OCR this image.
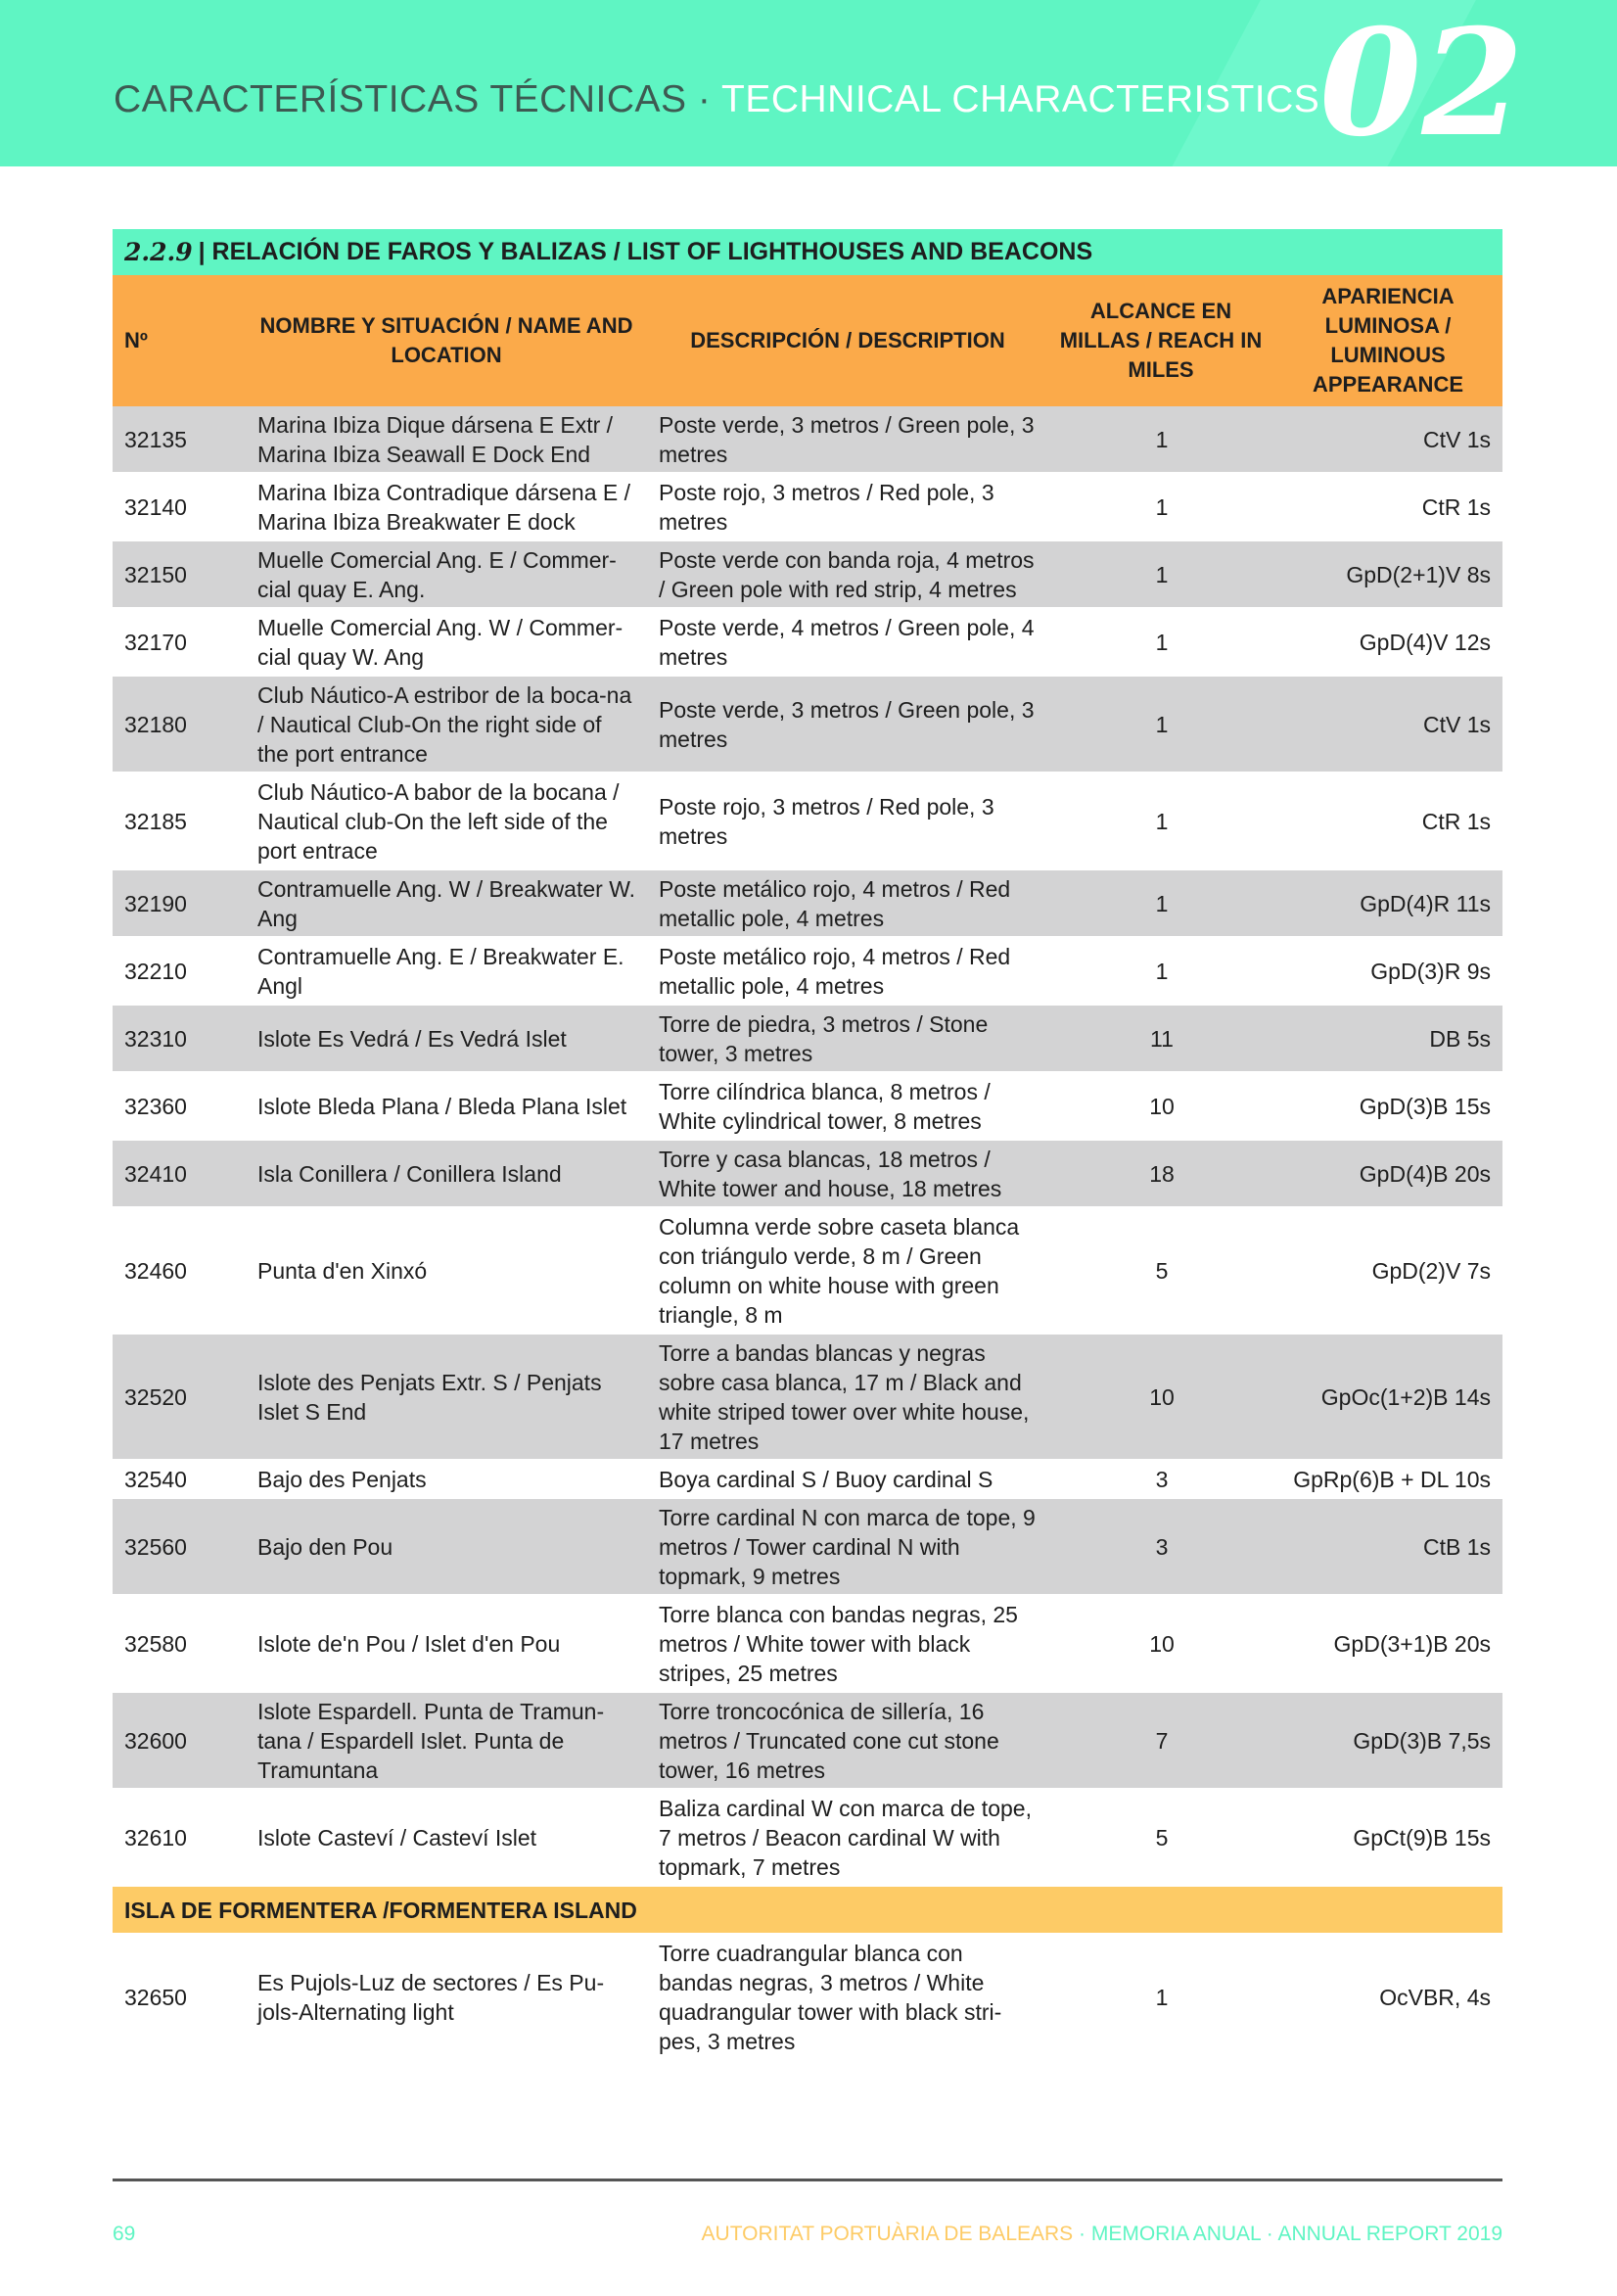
CARACTERÍSTICAS TÉCNICAS · TECHNICAL CHARACTERISTICS 02
2.2.9 | RELACIÓN DE FAROS Y BALIZAS / LIST OF LIGHTHOUSES AND BEACONS
Nº	NOMBRE Y SITUACIÓN / NAME AND LOCATION	DESCRIPCIÓN / DESCRIPTION	ALCANCE EN MILLAS / REACH IN MILES	APARIENCIA LUMINOSA / LUMINOUS APPEARANCE
32135	Marina Ibiza Dique dársena E Extr / Marina Ibiza Seawall E Dock End	Poste verde, 3 metros / Green pole, 3 metres	1	CtV 1s
32140	Marina Ibiza Contradique dársena E / Marina Ibiza Breakwater E dock	Poste rojo, 3 metros / Red pole, 3 metres	1	CtR 1s
32150	Muelle Comercial Ang. E / Commer-cial quay E. Ang.	Poste verde con banda roja, 4 metros / Green pole with red strip, 4 metres	1	GpD(2+1)V 8s
32170	Muelle Comercial Ang. W / Commer-cial quay W. Ang	Poste verde, 4 metros / Green pole, 4 metres	1	GpD(4)V 12s
32180	Club Náutico-A estribor de la boca-na / Nautical Club-On the right side of the port entrance	Poste verde, 3 metros / Green pole, 3 metres	1	CtV 1s
32185	Club Náutico-A babor de la bocana / Nautical club-On the left side of the port entrace	Poste rojo, 3 metros / Red pole, 3 metres	1	CtR 1s
32190	Contramuelle Ang. W / Breakwater W. Ang	Poste metálico rojo, 4 metros / Red metallic pole, 4 metres	1	GpD(4)R 11s
32210	Contramuelle Ang. E / Breakwater E. Angl	Poste metálico rojo, 4 metros / Red metallic pole, 4 metres	1	GpD(3)R 9s
32310	Islote Es Vedrá / Es Vedrá Islet	Torre de piedra, 3 metros / Stone tower, 3 metres	11	DB 5s
32360	Islote Bleda Plana / Bleda Plana Islet	Torre cilíndrica blanca, 8 metros / White cylindrical tower, 8 metres	10	GpD(3)B 15s
32410	Isla Conillera / Conillera Island	Torre y casa blancas, 18 metros / White tower and house, 18 metres	18	GpD(4)B 20s
32460	Punta d'en Xinxó	Columna verde sobre caseta blanca con triángulo verde, 8 m / Green column on white house with green triangle, 8 m	5	GpD(2)V 7s
32520	Islote des Penjats Extr. S / Penjats Islet S End	Torre a bandas blancas y negras sobre casa blanca, 17 m / Black and white striped tower over white house, 17 metres	10	GpOc(1+2)B 14s
32540	Bajo des Penjats	Boya cardinal S / Buoy cardinal S	3	GpRp(6)B + DL 10s
32560	Bajo den Pou	Torre cardinal N con marca de tope, 9 metros / Tower cardinal N with topmark, 9 metres	3	CtB 1s
32580	Islote de'n Pou / Islet d'en Pou	Torre blanca con bandas negras, 25 metros / White tower with black stripes, 25 metres	10	GpD(3+1)B 20s
32600	Islote Espardell. Punta de Tramun-tana / Espardell Islet. Punta de Tramuntana	Torre troncocónica de sillería, 16 metros / Truncated cone cut stone tower, 16 metres	7	GpD(3)B 7,5s
32610	Islote Casteví / Casteví Islet	Baliza cardinal W con marca de tope, 7 metros / Beacon cardinal W with topmark, 7 metres	5	GpCt(9)B 15s
ISLA DE FORMENTERA /FORMENTERA ISLAND				
32650	Es Pujols-Luz de sectores / Es Pu-jols-Alternating light	Torre cuadrangular blanca con bandas negras, 3 metros / White quadrangular tower with black stri-pes, 3 metres	1	OcVBR, 4s
69	AUTORITAT PORTUÀRIA DE BALEARS · MEMORIA ANUAL · ANNUAL REPORT 2019
